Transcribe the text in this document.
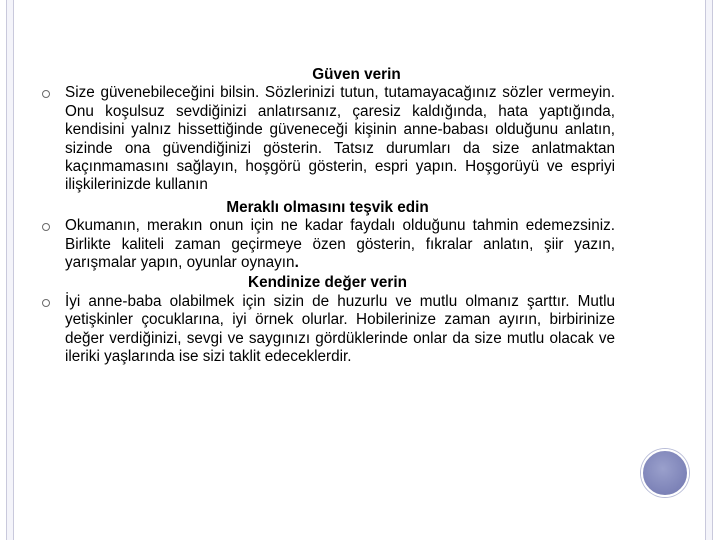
Güven verin

Size güvenebileceğini bilsin. Sözlerinizi tutun, tutamayacağınız sözler vermeyin. Onu koşulsuz sevdiğinizi anlatırsanız, çaresiz kaldığında, hata yaptığında, kendisini yalnız hissettiğinde güveneceği kişinin anne-babası olduğunu anlatın, sizinde ona güvendiğinizi gösterin. Tatsız durumları da size anlatmaktan kaçınmamasını sağlayın, hoşgörü gösterin, espri yapın. Hoşgorüyü ve espriyi ilişkilerinizde kullanın

Meraklı olmasını teşvik edin

Okumanın, merakın onun için ne kadar faydalı olduğunu tahmin edemezsiniz. Birlikte kaliteli zaman geçirmeye özen gösterin, fıkralar anlatın, şiir yazın, yarışmalar yapın, oyunlar oynayın.

Kendinize değer verin

İyi anne-baba olabilmek için sizin de huzurlu ve mutlu olmanız şarttır. Mutlu yetişkinler çocuklarına, iyi örnek olurlar. Hobilerinize zaman ayırın, birbirinize değer verdiğinizi, sevgi ve saygınızı gördüklerinde onlar da size mutlu olacak ve ileriki yaşlarında ise sizi taklit edeceklerdir.
